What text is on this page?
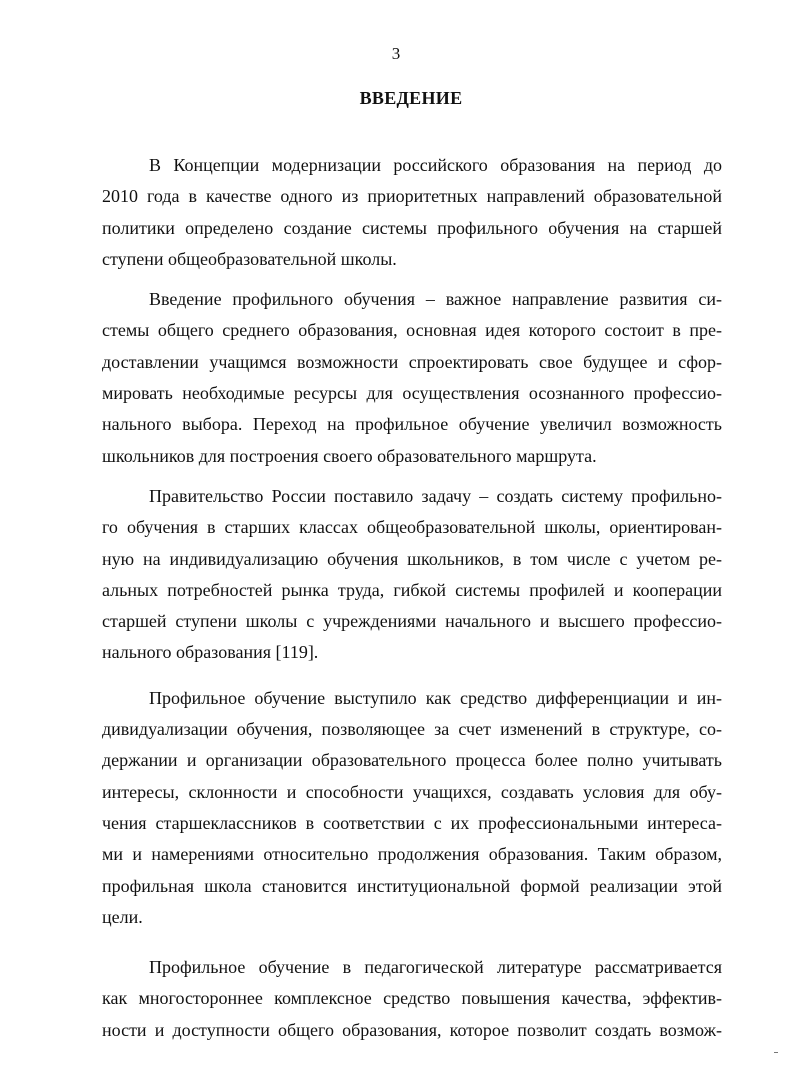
3
ВВЕДЕНИЕ
В Концепции модернизации российского образования на период до
2010 года в качестве одного из приоритетных направлений образовательной
политики определено создание системы профильного обучения на старшей
ступени общеобразовательной школы.
Введение профильного обучения – важное направление развития си-
стемы общего среднего образования, основная идея которого состоит в пре-
доставлении учащимся возможности спроектировать свое будущее и сфор-
мировать необходимые ресурсы для осуществления осознанного профессио-
нального выбора. Переход на профильное обучение увеличил возможность
школьников для построения своего образовательного маршрута.
Правительство России поставило задачу – создать систему профильно-
го обучения в старших классах общеобразовательной школы, ориентирован-
ную на индивидуализацию обучения школьников, в том числе с учетом ре-
альных потребностей рынка труда, гибкой системы профилей и кооперации
старшей ступени школы с учреждениями начального и высшего профессио-
нального образования [119].
Профильное обучение выступило как средство дифференциации и ин-
дивидуализации обучения, позволяющее за счет изменений в структуре, со-
держании и организации образовательного процесса более полно учитывать
интересы, склонности и способности учащихся, создавать условия для обу-
чения старшеклассников в соответствии с их профессиональными интереса-
ми и намерениями относительно продолжения образования. Таким образом,
профильная школа становится институциональной формой реализации этой
цели.
Профильное обучение в педагогической литературе рассматривается
как многостороннее комплексное средство повышения качества, эффектив-
ности и доступности общего образования, которое позволит создать возмож-
